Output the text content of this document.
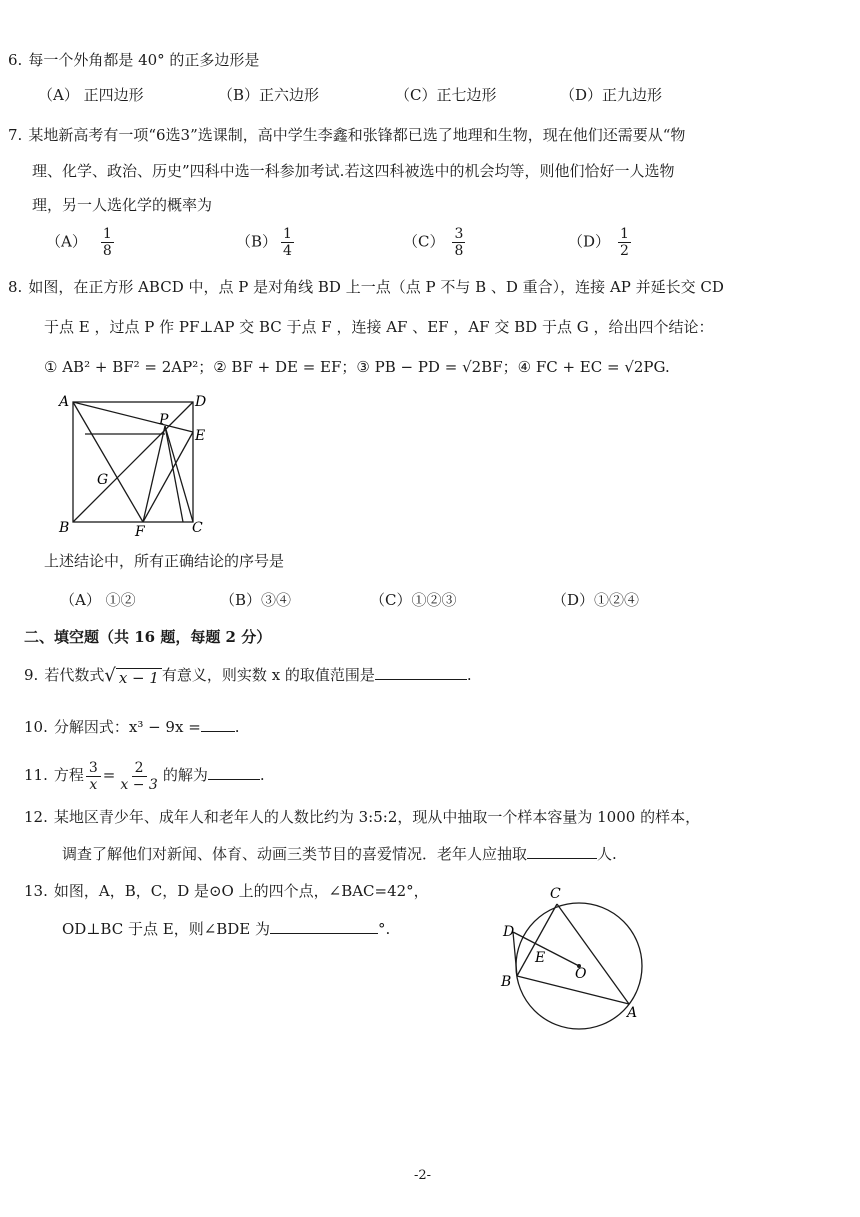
6. 每一个外角都是 40° 的正多边形是
（A） 正四边形	（B）正六边形	（C）正七边形	（D）正九边形
7. 某地新高考有一项“6选3”选课制，高中学生李鑫和张锋都已选了地理和生物，现在他们还需要从“物
理、化学、政治、历史”四科中选一科参加考试.若这四科被选中的机会均等，则他们恰好一人选物
理，另一人选化学的概率为
$(A) \frac{1}{8}$	$(B) \frac{1}{4}$	$(C) \frac{3}{8}$	$(D) \frac{1}{2}$
8. 如图，在正方形 ABCD 中，点 P 是对角线 BD 上一点（点 P 不与 B 、D 重合），连接 AP 并延长交 CD
于点 E ，过点 P 作 PF⊥AP 交 BC 于点 F ，连接 AF 、EF ，AF 交 BD 于点 G ，给出四个结论：
① AB² + BF² = 2AP²；② BF + DE = EF；③ PB − PD = √2BF；④ FC + EC = √2PG.
A	D
B	C
P
E
F
G
上述结论中，所有正确结论的序号是
（A） ①②	（B）③④	（C）①②③	（D）①②④
二、填空题（共 16 题，每题 2 分）
9. 若代数式 √ x − 1 有意义，则实数 x 的取值范围是	.
10. 分解因式：x³ − 9x = .
11. 方程 $\frac{3}{x} = \frac{2}{x - 3}$ 的解为	.
12. 某地区青少年、成年人和老年人的人数比约为 3:5:2，现从中抽取一个样本容量为 1000 的样本，
调查了解他们对新闻、体育、动画三类节目的喜爱情况．老年人应抽取	人.
13. 如图，A，B，C，D 是⊙O 上的四个点，∠BAC=42°，
OD⊥BC 于点 E，则∠BDE 为	°.
C
D
E
O
B
A
-2-
